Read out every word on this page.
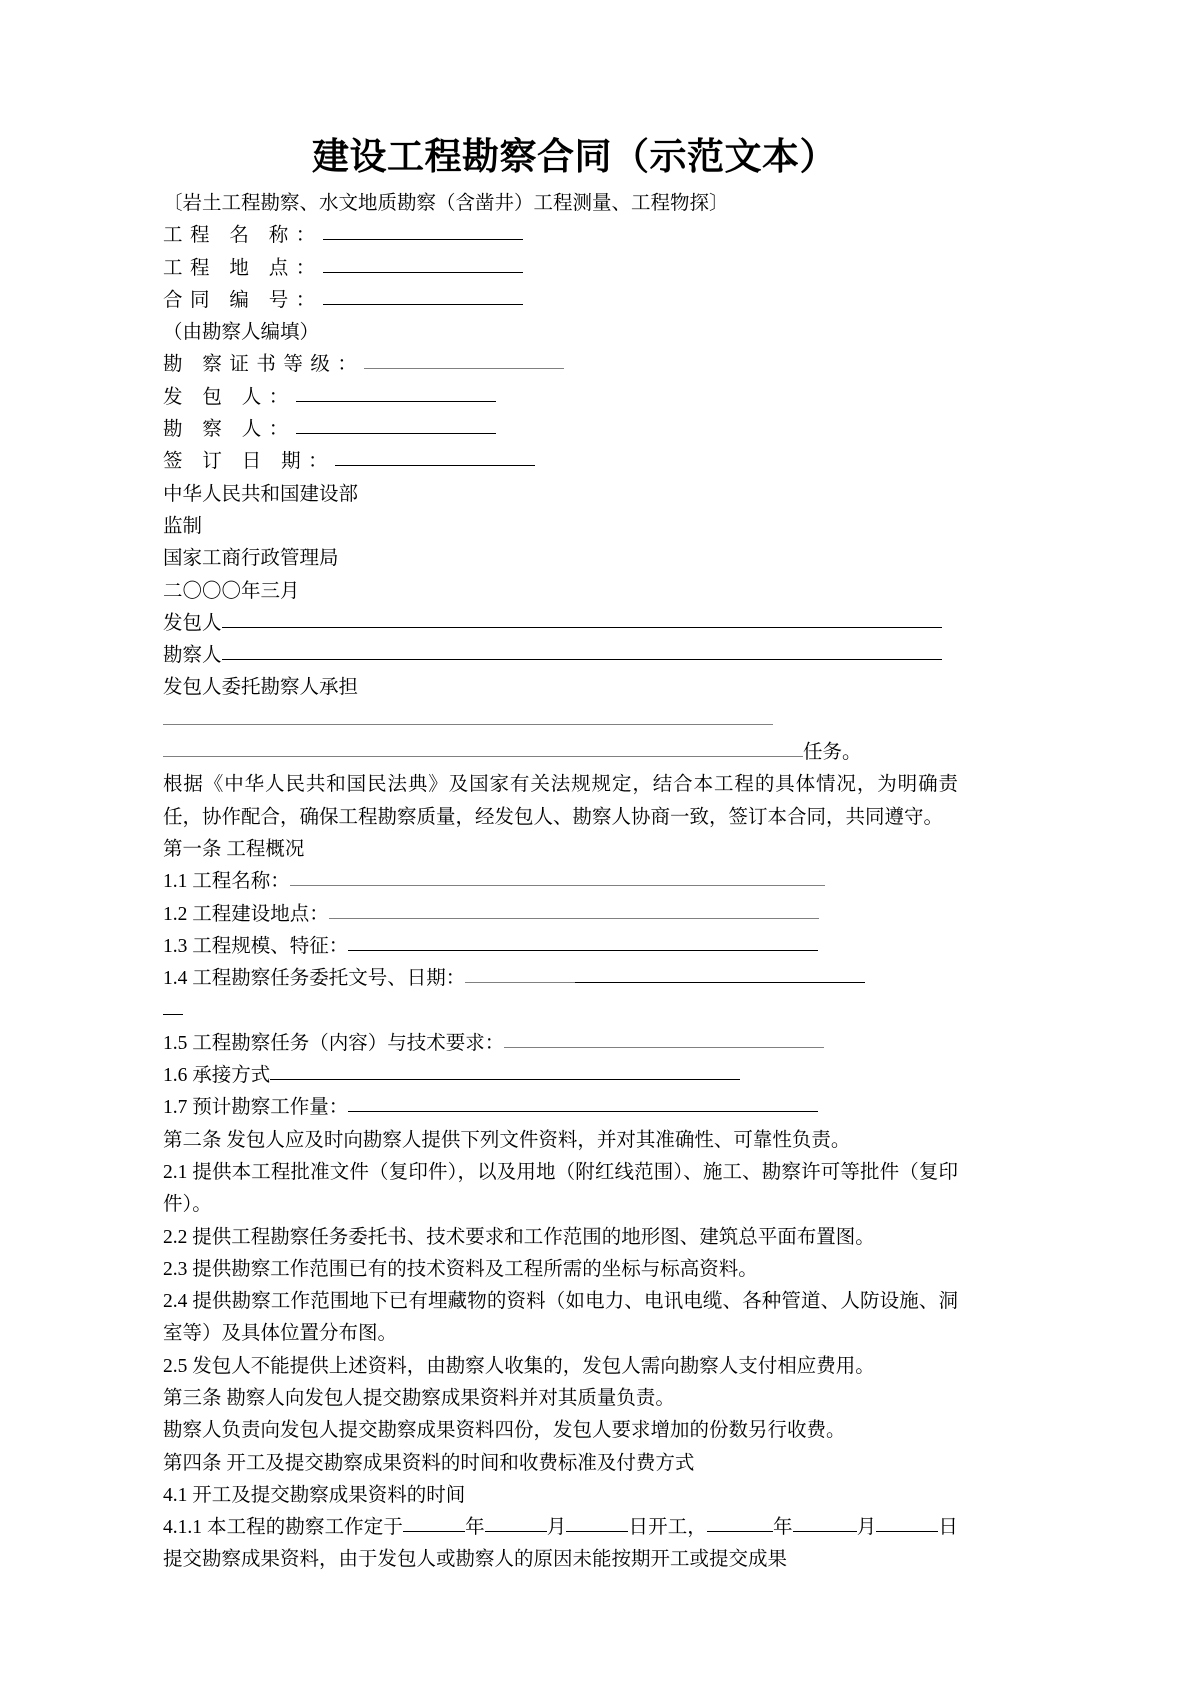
建设工程勘察合同（示范文本）

〔岩土工程勘察、水文地质勘察（含凿井）工程测量、工程物探〕

工程 名 称：

工程 地 点：

合同 编 号：

（由勘察人编填）

勘 察证书等级：

发 包 人：

勘 察 人：

签 订 日 期：

中华人民共和国建设部

监制

国家工商行政管理局

二〇〇〇年三月

发包人

勘察人

发包人委托勘察人承担

任务。

根据《中华人民共和国民法典》及国家有关法规规定，结合本工程的具体情况，为明确责任，协作配合，确保工程勘察质量，经发包人、勘察人协商一致，签订本合同，共同遵守。

第一条 工程概况

1.1 工程名称：

1.2 工程建设地点：

1.3 工程规模、特征：

1.4 工程勘察任务委托文号、日期：

1.5 工程勘察任务（内容）与技术要求：

1.6 承接方式

1.7 预计勘察工作量：

第二条 发包人应及时向勘察人提供下列文件资料，并对其准确性、可靠性负责。

2.1 提供本工程批准文件（复印件），以及用地（附红线范围）、施工、勘察许可等批件（复印件）。

2.2 提供工程勘察任务委托书、技术要求和工作范围的地形图、建筑总平面布置图。

2.3 提供勘察工作范围已有的技术资料及工程所需的坐标与标高资料。

2.4 提供勘察工作范围地下已有埋藏物的资料（如电力、电讯电缆、各种管道、人防设施、洞室等）及具体位置分布图。

2.5 发包人不能提供上述资料，由勘察人收集的，发包人需向勘察人支付相应费用。

第三条 勘察人向发包人提交勘察成果资料并对其质量负责。

勘察人负责向发包人提交勘察成果资料四份，发包人要求增加的份数另行收费。

第四条 开工及提交勘察成果资料的时间和收费标准及付费方式

4.1 开工及提交勘察成果资料的时间

4.1.1 本工程的勘察工作定于	年	月	日开工，	年	月	日提交勘察成果资料，由于发包人或勘察人的原因未能按期开工或提交成果
